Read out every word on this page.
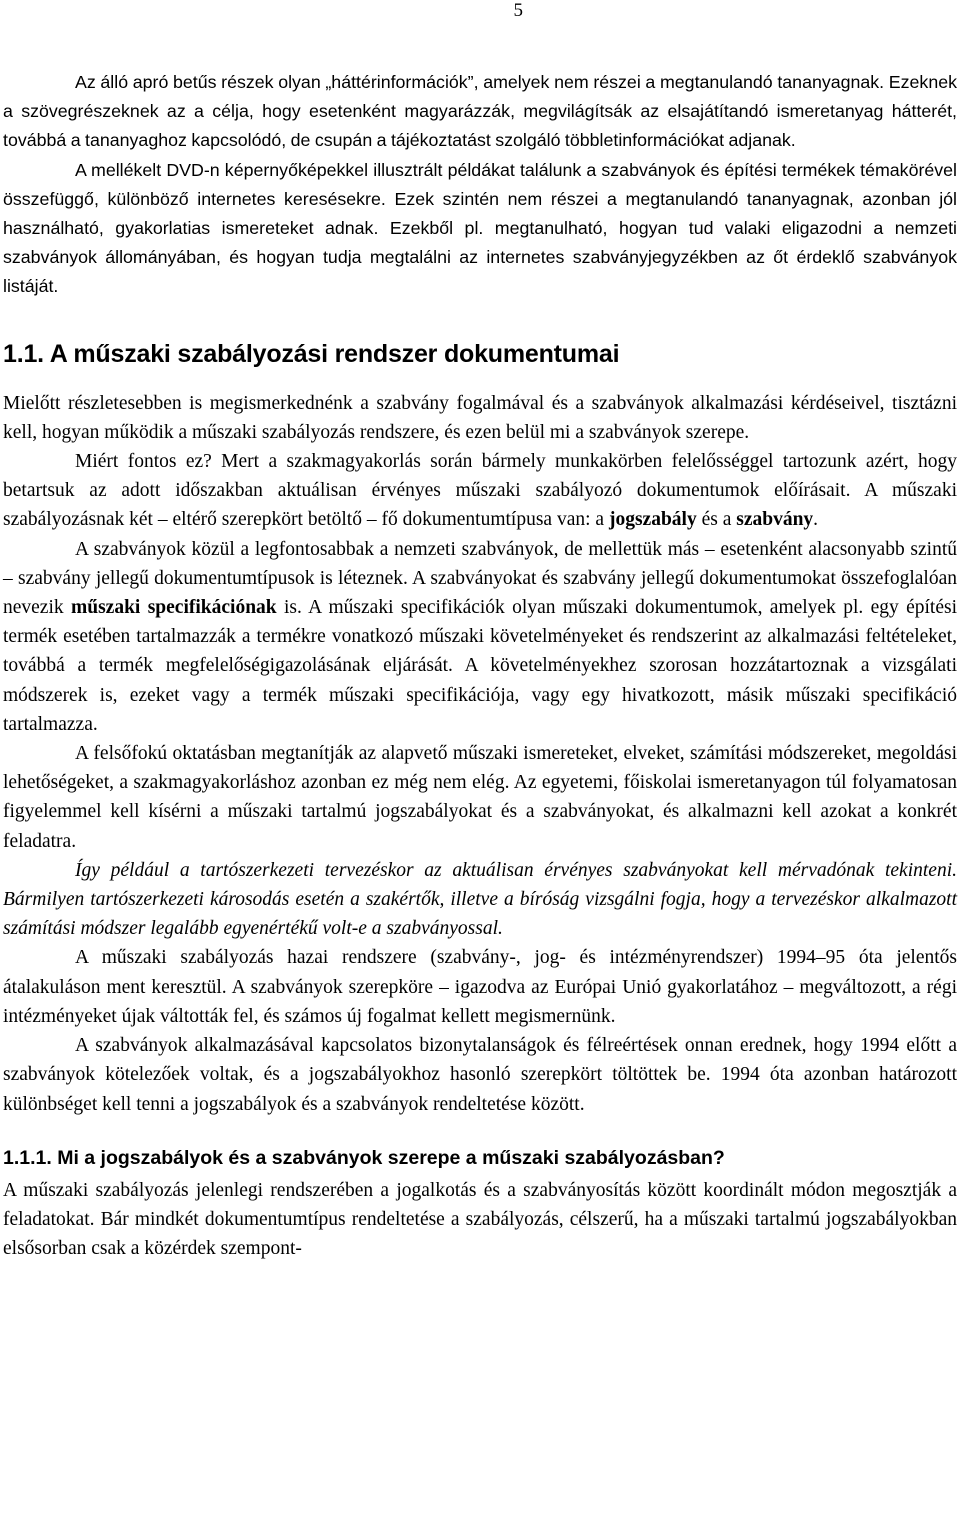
5

Az álló apró betűs részek olyan „háttérinformációk”, amelyek nem részei a megtanulandó tananyagnak. Ezeknek a szövegrészeknek az a célja, hogy esetenként magyarázzák, megvilágítsák az elsajátítandó ismeretanyag hátterét, továbbá a tananyaghoz kapcsolódó, de csupán a tájékoztatást szolgáló többletinformációkat adjanak.

A mellékelt DVD-n képernyőképekkel illusztrált példákat találunk a szabványok és építési termékek témakörével összefüggő, különböző internetes keresésekre. Ezek szintén nem részei a megtanulandó tananyagnak, azonban jól használható, gyakorlatias ismereteket adnak. Ezekből pl. megtanulható, hogyan tud valaki eligazodni a nemzeti szabványok állományában, és hogyan tudja megtalálni az internetes szabványjegyzékben az őt érdeklő szabványok listáját.

1.1. A műszaki szabályozási rendszer dokumentumai

Mielőtt részletesebben is megismerkednénk a szabvány fogalmával és a szabványok alkalmazási kérdéseivel, tisztázni kell, hogyan működik a műszaki szabályozás rendszere, és ezen belül mi a szabványok szerepe.

Miért fontos ez? Mert a szakmagyakorlás során bármely munkakörben felelősséggel tartozunk azért, hogy betartsuk az adott időszakban aktuálisan érvényes műszaki szabályozó dokumentumok előírásait. A műszaki szabályozásnak két – eltérő szerepkört betöltő – fő dokumentumtípusa van: a jogszabály és a szabvány.

A szabványok közül a legfontosabbak a nemzeti szabványok, de mellettük más – esetenként alacsonyabb szintű – szabvány jellegű dokumentumtípusok is léteznek. A szabványokat és szabvány jellegű dokumentumokat összefoglalóan nevezik műszaki specifikációnak is. A műszaki specifikációk olyan műszaki dokumentumok, amelyek pl. egy építési termék esetében tartalmazzák a termékre vonatkozó műszaki követelményeket és rendszerint az alkalmazási feltételeket, továbbá a termék megfelelőségigazolásának eljárását. A követelményekhez szorosan hozzátartoznak a vizsgálati módszerek is, ezeket vagy a termék műszaki specifikációja, vagy egy hivatkozott, másik műszaki specifikáció tartalmazza.

A felsőfokú oktatásban megtanítják az alapvető műszaki ismereteket, elveket, számítási módszereket, megoldási lehetőségeket, a szakmagyakorláshoz azonban ez még nem elég. Az egyetemi, főiskolai ismeretanyagon túl folyamatosan figyelemmel kell kísérni a műszaki tartalmú jogszabályokat és a szabványokat, és alkalmazni kell azokat a konkrét feladatra.

Így például a tartószerkezeti tervezéskor az aktuálisan érvényes szabványokat kell mérvadónak tekinteni. Bármilyen tartószerkezeti károsodás esetén a szakértők, illetve a bíróság vizsgálni fogja, hogy a tervezéskor alkalmazott számítási módszer legalább egyenértékű volt-e a szabványossal.

A műszaki szabályozás hazai rendszere (szabvány-, jog- és intézményrendszer) 1994–95 óta jelentős átalakuláson ment keresztül. A szabványok szerepköre – igazodva az Európai Unió gyakorlatához – megváltozott, a régi intézményeket újak váltották fel, és számos új fogalmat kellett megismernünk.

A szabványok alkalmazásával kapcsolatos bizonytalanságok és félreértések onnan erednek, hogy 1994 előtt a szabványok kötelezőek voltak, és a jogszabályokhoz hasonló szerepkört töltöttek be. 1994 óta azonban határozott különbséget kell tenni a jogszabályok és a szabványok rendeltetése között.

1.1.1. Mi a jogszabályok és a szabványok szerepe a műszaki szabályozásban?

A műszaki szabályozás jelenlegi rendszerében a jogalkotás és a szabványosítás között koordinált módon megosztják a feladatokat. Bár mindkét dokumentumtípus rendeltetése a szabályozás, célszerű, ha a műszaki tartalmú jogszabályokban elsősorban csak a közérdek szempont-
